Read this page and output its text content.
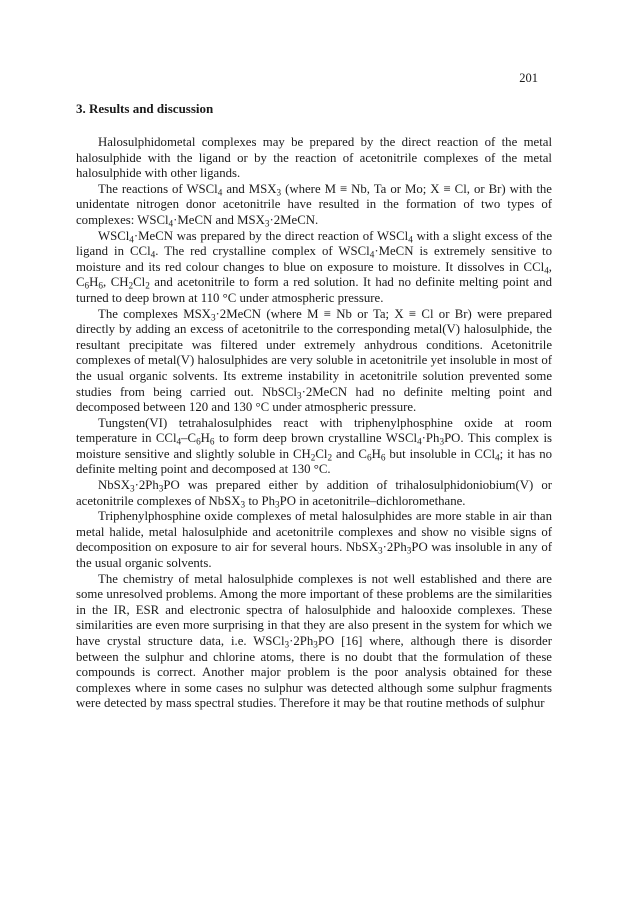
201
3. Results and discussion

Halosulphidometal complexes may be prepared by the direct reaction of the metal halosulphide with the ligand or by the reaction of acetonitrile complexes of the metal halosulphide with other ligands.

The reactions of WSCl$_4$ and $MSX_3$ (where M ≡ Nb, Ta or Mo; X ≡ Cl, or Br) with the unidentate nitrogen donor acetonitrile have resulted in the formation of two types of complexes: WSCl$_4$·MeCN and $MSX_3\cdot 2MeCN$.

WSCl$_4$·MeCN was prepared by the direct reaction of WSCl$_4$ with a slight excess of the ligand in CCl$_4$. The red crystalline complex of WSCl$_4$·MeCN is extremely sensitive to moisture and its red colour changes to blue on exposure to moisture. It dissolves in CCl$_4$, $C_6H_6$, $CH_2Cl_2$ and acetonitrile to form a red solution. It had no definite melting point and turned to deep brown at 110 °C under atmospheric pressure.

The complexes $MSX_3\cdot 2MeCN$ (where M ≡ Nb or Ta; X ≡ Cl or Br) were prepared directly by adding an excess of acetonitrile to the corresponding metal(V) halosulphide, the resultant precipitate was filtered under extremely anhydrous conditions. Acetonitrile complexes of metal(V) halosulphides are very soluble in acetonitrile yet insoluble in most of the usual organic solvents. Its extreme instability in acetonitrile solution prevented some studies from being carried out. NbSCl$_3$·2MeCN had no definite melting point and decomposed between 120 and 130 °C under atmospheric pressure.

Tungsten(VI) tetrahalosulphides react with triphenylphosphine oxide at room temperature in $CCl_4-C_6H_6$ to form deep brown crystalline $WSCl_4\cdot Ph_3PO$. This complex is moisture sensitive and slightly soluble in $CH_2Cl_2$ and $C_6H_6$ but insoluble in CCl$_4$; it has no definite melting point and decomposed at 130 °C.

$NbSX_3\cdot 2Ph_3PO$ was prepared either by addition of trihalosulphidoniobium(V) or acetonitrile complexes of NbSX$_3$ to $Ph_3PO$ in acetonitrile–dichloromethane.

Triphenylphosphine oxide complexes of metal halosulphides are more stable in air than metal halide, metal halosulphide and acetonitrile complexes and show no visible signs of decomposition on exposure to air for several hours. $NbSX_3\cdot 2Ph_3PO$ was insoluble in any of the usual organic solvents.

The chemistry of metal halosulphide complexes is not well established and there are some unresolved problems. Among the more important of these problems are the similarities in the IR, ESR and electronic spectra of halosulphide and halooxide complexes. These similarities are even more surprising in that they are also present in the system for which we have crystal structure data, i.e. $WSCl_3\cdot 2Ph_3PO$ [16] where, although there is disorder between the sulphur and chlorine atoms, there is no doubt that the formulation of these compounds is correct. Another major problem is the poor analysis obtained for these complexes where in some cases no sulphur was detected although some sulphur fragments were detected by mass spectral studies. Therefore it may be that routine methods of sulphur
